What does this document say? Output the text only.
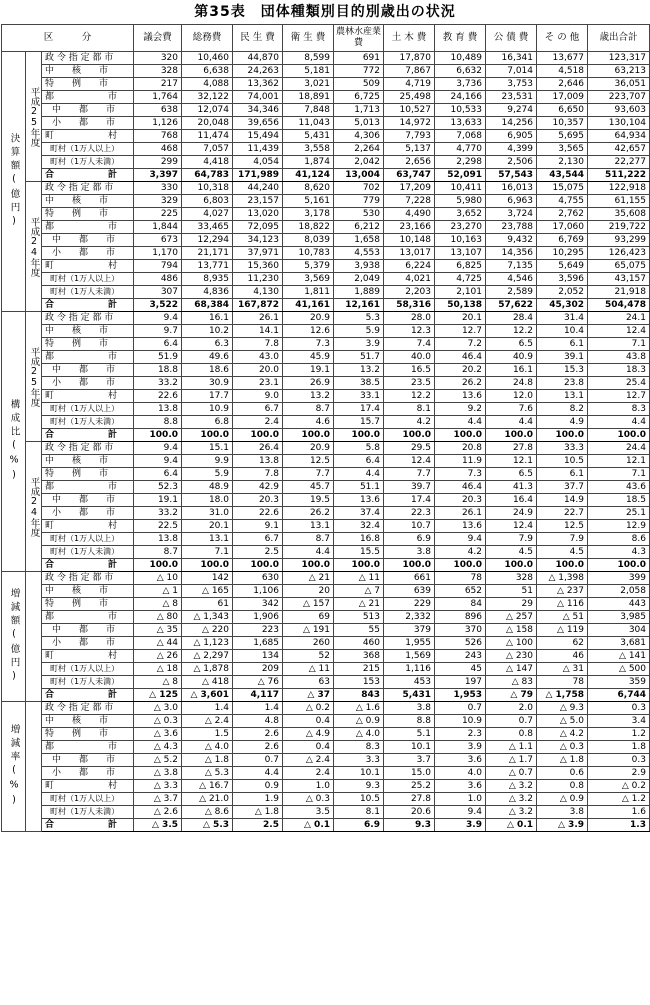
第35表　団体種類別目的別歳出の状況
区　　　分			議会費	総務費	民 生 費	衛 生 費	農林水産業　費	土 木 費	教 育 費	公 債 費	そ の 他	歳出合計
決算額(億円)	平成25年度	政 令 指 定 都 市	320	10,460	44,870	8,599	691	17,870	10,489	16,341	13,677	123,317
		中　　核　　市	328	6,638	24,263	5,181	772	7,867	6,632	7,014	4,518	63,213
		特　　例　　市	217	4,088	13,362	3,021	509	4,719	3,736	3,753	2,646	36,051
		都　　　　　　市	1,764	32,122	74,001	18,891	6,725	25,498	24,166	23,531	17,009	223,707
		中　　都　　市	638	12,074	34,346	7,848	1,713	10,527	10,533	9,274	6,650	93,603
		小　　都　　市	1,126	20,048	39,656	11,043	5,013	14,972	13,633	14,256	10,357	130,104
		町　　　　　　村	768	11,474	15,494	5,431	4,306	7,793	7,068	6,905	5,695	64,934
		町村（1万人以上）	468	7,057	11,439	3,558	2,264	5,137	4,770	4,399	3,565	42,657
		町村（1万人未満）	299	4,418	4,054	1,874	2,042	2,656	2,298	2,506	2,130	22,277
		合　　　　　　計	3,397	64,783	171,989	41,124	13,004	63,747	52,091	57,543	43,544	511,222
	平成24年度	政 令 指 定 都 市	330	10,318	44,240	8,620	702	17,209	10,411	16,013	15,075	122,918
		中　　核　　市	329	6,803	23,157	5,161	779	7,228	5,980	6,963	4,755	61,155
		特　　例　　市	225	4,027	13,020	3,178	530	4,490	3,652	3,724	2,762	35,608
		都　　　　　　市	1,844	33,465	72,095	18,822	6,212	23,166	23,270	23,788	17,060	219,722
		中　　都　　市	673	12,294	34,123	8,039	1,658	10,148	10,163	9,432	6,769	93,299
		小　　都　　市	1,170	21,171	37,971	10,783	4,553	13,017	13,107	14,356	10,295	126,423
		町　　　　　　村	794	13,771	15,360	5,379	3,938	6,224	6,825	7,135	5,649	65,075
		町村（1万人以上）	486	8,935	11,230	3,569	2,049	4,021	4,725	4,546	3,596	43,157
		町村（1万人未満）	307	4,836	4,130	1,811	1,889	2,203	2,101	2,589	2,052	21,918
		合　　　　　　計	3,522	68,384	167,872	41,161	12,161	58,316	50,138	57,622	45,302	504,478
構成比(%)	平成25年度	政 令 指 定 都 市	9.4	16.1	26.1	20.9	5.3	28.0	20.1	28.4	31.4	24.1
		中　　核　　市	9.7	10.2	14.1	12.6	5.9	12.3	12.7	12.2	10.4	12.4
		特　　例　　市	6.4	6.3	7.8	7.3	3.9	7.4	7.2	6.5	6.1	7.1
		都　　　　　　市	51.9	49.6	43.0	45.9	51.7	40.0	46.4	40.9	39.1	43.8
		中　　都　　市	18.8	18.6	20.0	19.1	13.2	16.5	20.2	16.1	15.3	18.3
		小　　都　　市	33.2	30.9	23.1	26.9	38.5	23.5	26.2	24.8	23.8	25.4
		町　　　　　　村	22.6	17.7	9.0	13.2	33.1	12.2	13.6	12.0	13.1	12.7
		町村（1万人以上）	13.8	10.9	6.7	8.7	17.4	8.1	9.2	7.6	8.2	8.3
		町村（1万人未満）	8.8	6.8	2.4	4.6	15.7	4.2	4.4	4.4	4.9	4.4
		合　　　　　　計	100.0	100.0	100.0	100.0	100.0	100.0	100.0	100.0	100.0	100.0
	平成24年度	政 令 指 定 都 市	9.4	15.1	26.4	20.9	5.8	29.5	20.8	27.8	33.3	24.4
		中　　核　　市	9.4	9.9	13.8	12.5	6.4	12.4	11.9	12.1	10.5	12.1
		特　　例　　市	6.4	5.9	7.8	7.7	4.4	7.7	7.3	6.5	6.1	7.1
		都　　　　　　市	52.3	48.9	42.9	45.7	51.1	39.7	46.4	41.3	37.7	43.6
		中　　都　　市	19.1	18.0	20.3	19.5	13.6	17.4	20.3	16.4	14.9	18.5
		小　　都　　市	33.2	31.0	22.6	26.2	37.4	22.3	26.1	24.9	22.7	25.1
		町　　　　　　村	22.5	20.1	9.1	13.1	32.4	10.7	13.6	12.4	12.5	12.9
		町村（1万人以上）	13.8	13.1	6.7	8.7	16.8	6.9	9.4	7.9	7.9	8.6
		町村（1万人未満）	8.7	7.1	2.5	4.4	15.5	3.8	4.2	4.5	4.5	4.3
		合　　　　　　計	100.0	100.0	100.0	100.0	100.0	100.0	100.0	100.0	100.0	100.0
増減額(億円)		政 令 指 定 都 市	△ 10	142	630	△ 21	△ 11	661	78	328	△ 1,398	399
		中　　核　　市	△ 1	△ 165	1,106	20	△ 7	639	652	51	△ 237	2,058
		特　　例　　市	△ 8	61	342	△ 157	△ 21	229	84	29	△ 116	443
		都　　　　　　市	△ 80	△ 1,343	1,906	69	513	2,332	896	△ 257	△ 51	3,985
		中　　都　　市	△ 35	△ 220	223	△ 191	55	379	370	△ 158	△ 119	304
		小　　都　　市	△ 44	△ 1,123	1,685	260	460	1,955	526	△ 100	62	3,681
		町　　　　　　村	△ 26	△ 2,297	134	52	368	1,569	243	△ 230	46	△ 141
		町村（1万人以上）	△ 18	△ 1,878	209	△ 11	215	1,116	45	△ 147	△ 31	△ 500
		町村（1万人未満）	△ 8	△ 418	△ 76	63	153	453	197	△ 83	78	359
		合　　　　　　計	△ 125	△ 3,601	4,117	△ 37	843	5,431	1,953	△ 79	△ 1,758	6,744
増減率(%)		政 令 指 定 都 市	△ 3.0	1.4	1.4	△ 0.2	△ 1.6	3.8	0.7	2.0	△ 9.3	0.3
		中　　核　　市	△ 0.3	△ 2.4	4.8	0.4	△ 0.9	8.8	10.9	0.7	△ 5.0	3.4
		特　　例　　市	△ 3.6	1.5	2.6	△ 4.9	△ 4.0	5.1	2.3	0.8	△ 4.2	1.2
		都　　　　　　市	△ 4.3	△ 4.0	2.6	0.4	8.3	10.1	3.9	△ 1.1	△ 0.3	1.8
		中　　都　　市	△ 5.2	△ 1.8	0.7	△ 2.4	3.3	3.7	3.6	△ 1.7	△ 1.8	0.3
		小　　都　　市	△ 3.8	△ 5.3	4.4	2.4	10.1	15.0	4.0	△ 0.7	0.6	2.9
		町　　　　　　村	△ 3.3	△ 16.7	0.9	1.0	9.3	25.2	3.6	△ 3.2	0.8	△ 0.2
		町村（1万人以上）	△ 3.7	△ 21.0	1.9	△ 0.3	10.5	27.8	1.0	△ 3.2	△ 0.9	△ 1.2
		町村（1万人未満）	△ 2.6	△ 8.6	△ 1.8	3.5	8.1	20.6	9.4	△ 3.2	3.8	1.6
		合　　　　　　計	△ 3.5	△ 5.3	2.5	△ 0.1	6.9	9.3	3.9	△ 0.1	△ 3.9	1.3
